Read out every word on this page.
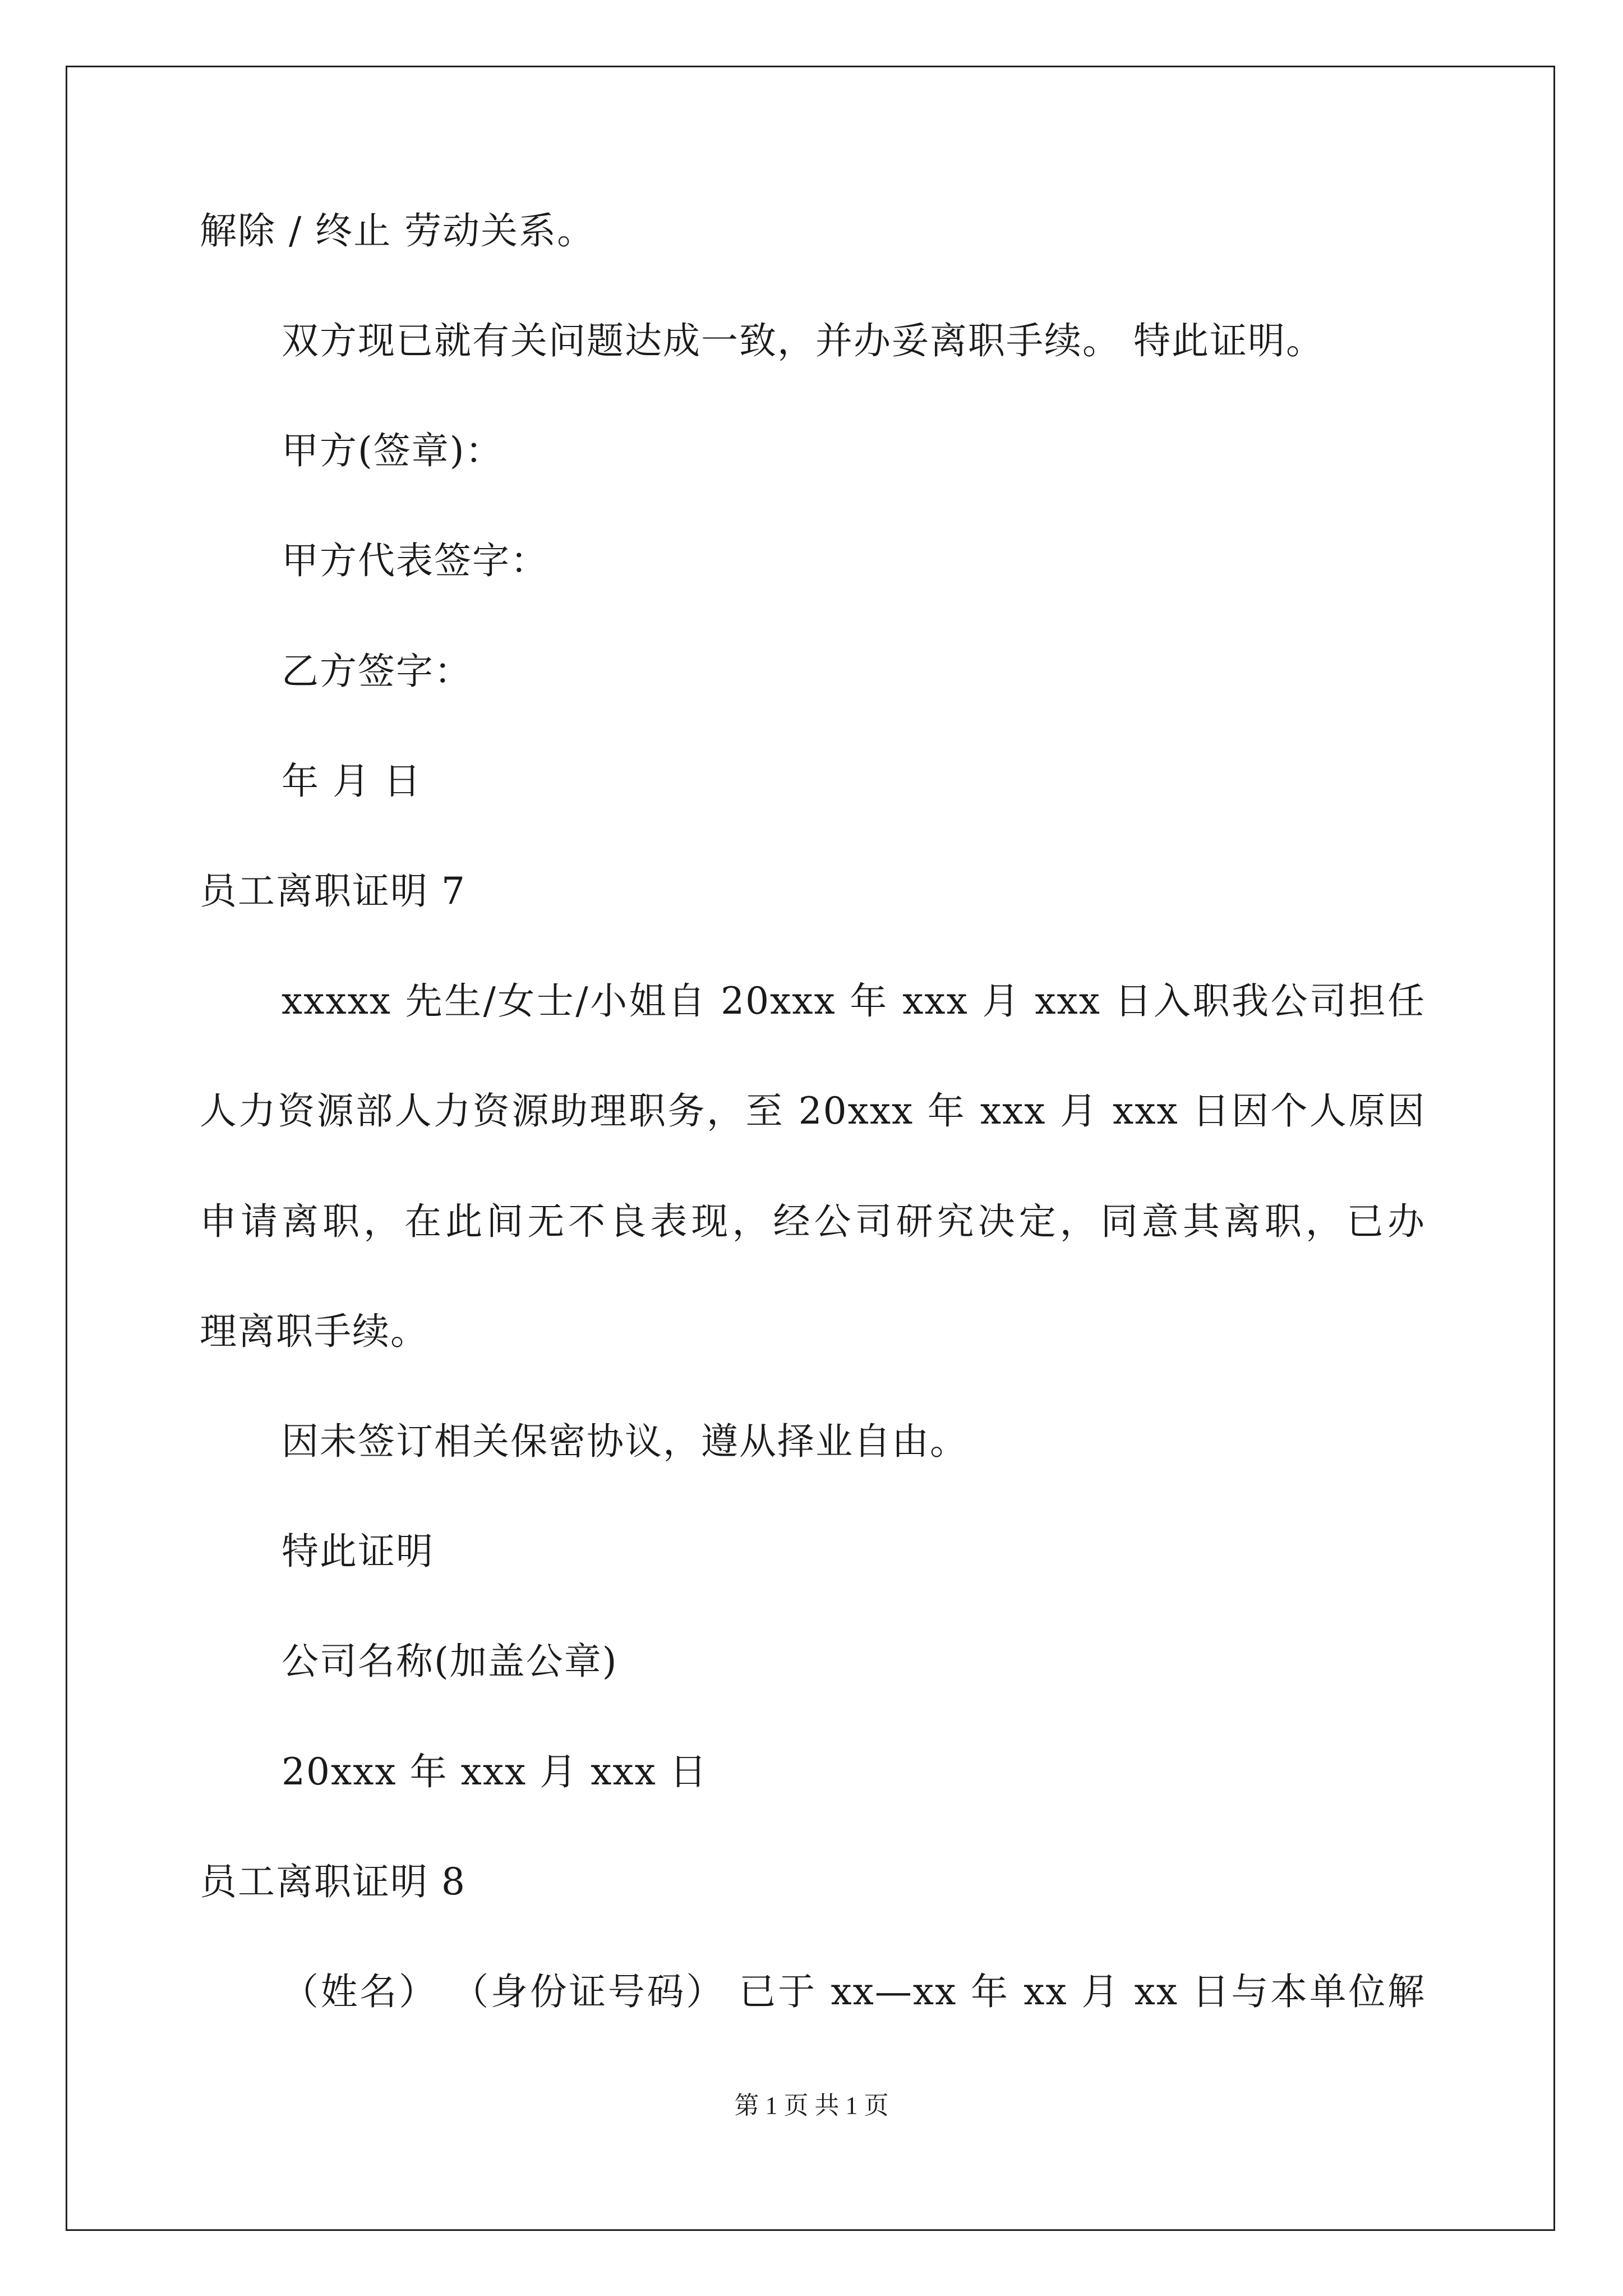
解除 / 终止 劳动关系。
双方现已就有关问题达成一致，并办妥离职手续。 特此证明。
甲方(签章)：
甲方代表签字：
乙方签字：
年 月 日
员工离职证明 7
xxxxx 先生/女士/小姐自 20xxx 年 xxx 月 xxx 日入职我公司担任
人力资源部人力资源助理职务，至 20xxx 年 xxx 月 xxx 日因个人原因
申请离职，在此间无不良表现，经公司研究决定，同意其离职，已办
理离职手续。
因未签订相关保密协议，遵从择业自由。
特此证明
公司名称(加盖公章)
20xxx 年 xxx 月 xxx 日
员工离职证明 8
（姓名） （身份证号码） 已于 xx—xx 年 xx 月 xx 日与本单位解
第 1 页 共 1 页
